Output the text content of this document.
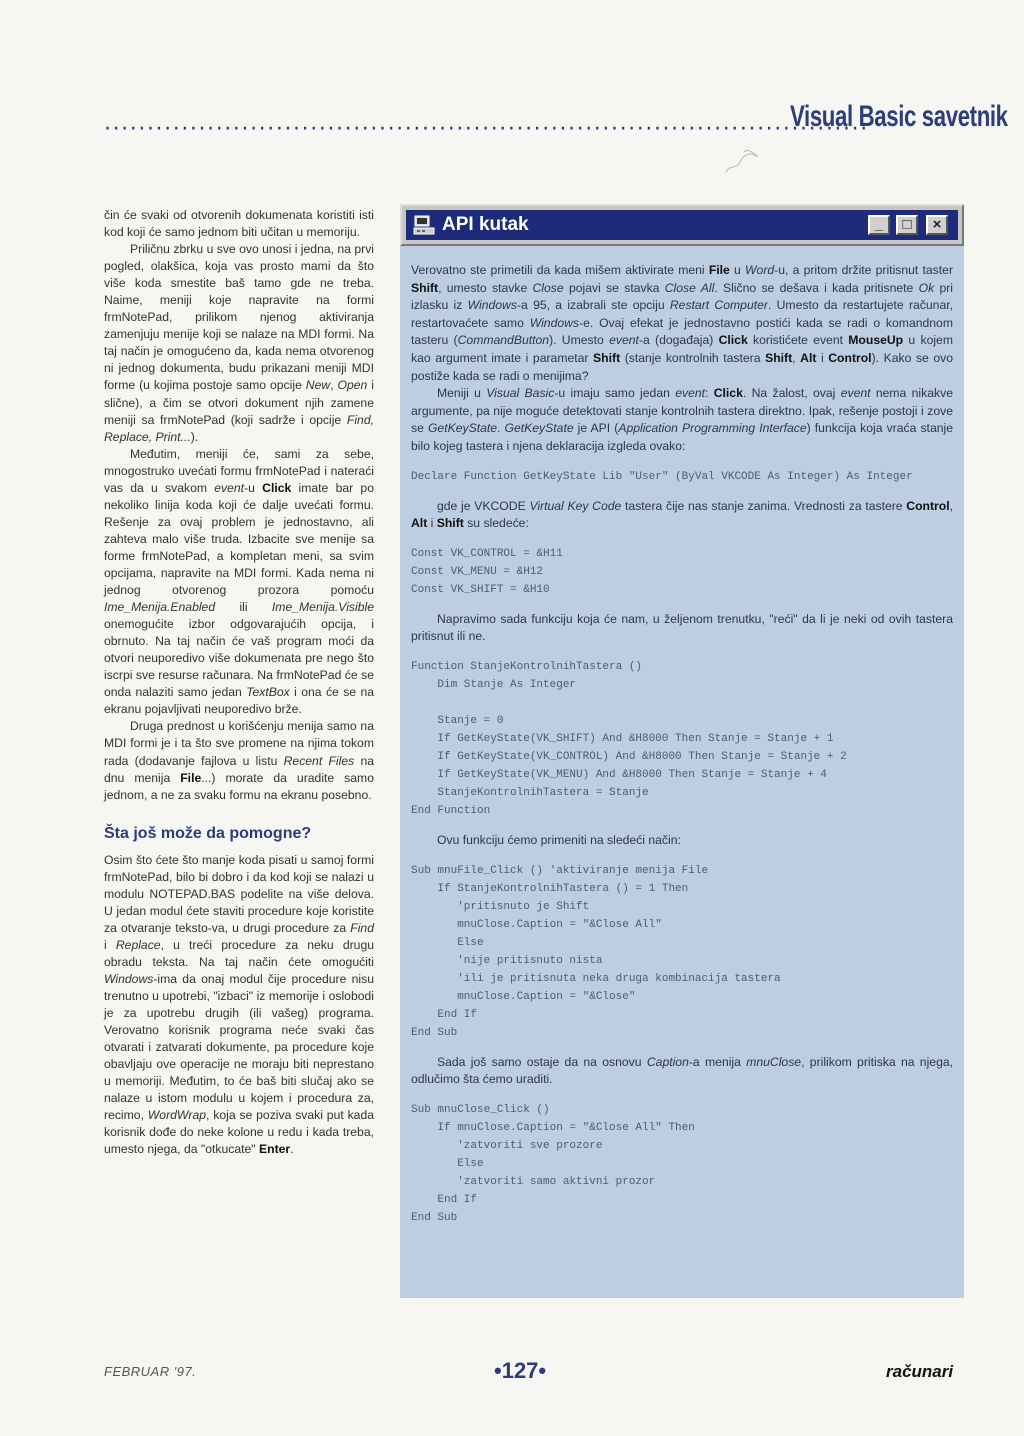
·························································································
Visual Basic savetnik

čin će svaki od otvorenih dokumenata koristiti isti kod koji će samo jednom biti učitan u memoriju.

Priličnu zbrku u sve ovo unosi i jedna, na prvi pogled, olakšica, koja vas prosto mami da što više koda smestite baš tamo gde ne treba. Naime, meniji koje napravite na formi frmNotePad, prilikom njenog aktiviranja zamenjuju menije koji se nalaze na MDI formi. Na taj način je omogućeno da, kada nema otvorenog ni jednog dokumenta, budu prikazani meniji MDI forme (u kojima postoje samo opcije New, Open i slične), a čim se otvori dokument njih zamene meniji sa frmNotePad (koji sadrže i opcije Find, Replace, Print...).

Međutim, meniji će, sami za sebe, mnogostruko uvećati formu frmNotePad i nateraći vas da u svakom event-u Click imate bar po nekoliko linija koda koji će dalje uvećati formu. Rešenje za ovaj problem je jednostavno, ali zahteva malo više truda. Izbacite sve menije sa forme frmNotePad, a kompletan meni, sa svim opcijama, napravite na MDI formi. Kada nema ni jednog otvorenog prozora pomoću Ime_Menija.Enabled ili Ime_Menija.Visible onemogućite izbor odgovarajućih opcija, i obrnuto. Na taj način će vaš program moći da otvori neuporedivo više dokumenata pre nego što iscrpi sve resurse računara. Na frmNotePad će se onda nalaziti samo jedan TextBox i ona će se na ekranu pojavljivati neuporedivo brže.

Druga prednost u korišćenju menija samo na MDI formi je i ta što sve promene na njima tokom rada (dodavanje fajlova u listu Recent Files na dnu menija File...) morate da uradite samo jednom, a ne za svaku formu na ekranu posebno.

Šta još može da pomogne?

Osim što ćete što manje koda pisati u samoj formi frmNotePad, bilo bi dobro i da kod koji se nalazi u modulu NOTEPAD.BAS podelite na više delova. U jedan modul ćete staviti procedure koje koristite za otvaranje teksto-va, u drugi procedure za Find i Replace, u treći procedure za neku drugu obradu teksta. Na taj način ćete omogućiti Windows-ima da onaj modul čije procedure nisu trenutno u upotrebi, "izbaci" iz memorije i oslobodi je za upotrebu drugih (ili vašeg) programa. Verovatno korisnik programa neće svaki čas otvarati i zatvarati dokumente, pa procedure koje obavljaju ove operacije ne moraju biti neprestano u memoriji. Međutim, to će baš biti slučaj ako se nalaze u istom modulu u kojem i procedura za, recimo, WordWrap, koja se poziva svaki put kada korisnik dođe do neke kolone u redu i kada treba, umesto njega, da "otkucate" Enter.

API kutak	_	□	×

Verovatno ste primetili da kada mišem aktivirate meni File u Word-u, a pritom držite pritisnut taster Shift, umesto stavke Close pojavi se stavka Close All. Slično se dešava i kada pritisnete Ok pri izlasku iz Windows-a 95, a izabrali ste opciju Restart Computer. Umesto da restartujete računar, restartovaćete samo Windows-e. Ovaj efekat je jednostavno postići kada se radi o komandnom tasteru (CommandButton). Umesto event-a (događaja) Click koristićete event MouseUp u kojem kao argument imate i parametar Shift (stanje kontrolnih tastera Shift, Alt i Control). Kako se ovo postiže kada se radi o menijima?

Meniji u Visual Basic-u imaju samo jedan event: Click. Na žalost, ovaj event nema nikakve argumente, pa nije moguće detektovati stanje kontrolnih tastera direktno. Ipak, rešenje postoji i zove se GetKeyState. GetKeyState je API (Application Programming Interface) funkcija koja vraća stanje bilo kojeg tastera i njena deklaracija izgleda ovako:

Declare Function GetKeyState Lib "User" (ByVal VKCODE As Integer) As Integer

gde je VKCODE Virtual Key Code tastera čije nas stanje zanima. Vrednosti za tastere Control, Alt i Shift su sledeće:

Const VK_CONTROL = &H11
Const VK_MENU = &H12
Const VK_SHIFT = &H10

Napravimo sada funkciju koja će nam, u željenom trenutku, "reći" da li je neki od ovih tastera pritisnut ili ne.

Function StanjeKontrolnihTastera ()
Dim Stanje As Integer

Stanje = 0
If GetKeyState(VK_SHIFT) And &H8000 Then Stanje = Stanje + 1
If GetKeyState(VK_CONTROL) And &H8000 Then Stanje = Stanje + 2
If GetKeyState(VK_MENU) And &H8000 Then Stanje = Stanje + 4
StanjeKontrolnihTastera = Stanje
End Function

Ovu funkciju ćemo primeniti na sledeći način:

Sub mnuFile_Click () 'aktiviranje menija File
If StanjeKontrolnihTastera () = 1 Then
'pritisnuto je Shift
mnuClose.Caption = "&Close All"
Else
'nije pritisnuto nista
'ili je pritisnuta neka druga kombinacija tastera
mnuClose.Caption = "&Close"
End If
End Sub

Sada još samo ostaje da na osnovu Caption-a menija mnuClose, prilikom pritiska na njega, odlučimo šta ćemo uraditi.

Sub mnuClose_Click ()
If mnuClose.Caption = "&Close All" Then
'zatvoriti sve prozore
Else
'zatvoriti samo aktivni prozor
End If
End Sub
FEBRUAR '97.	•127•	računari
